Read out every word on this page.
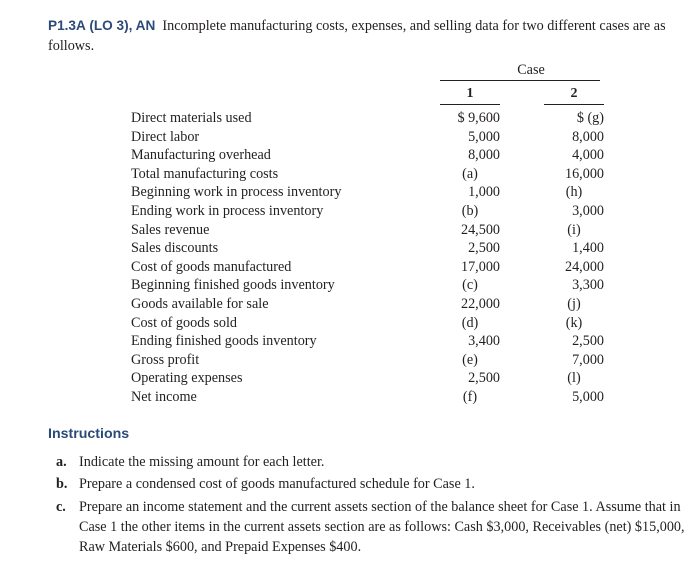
P1.3A (LO 3), AN Incomplete manufacturing costs, expenses, and selling data for two different cases are as follows.
Case
1	2
Direct materials used	$ 9,600	$ (g)
Direct labor	5,000	8,000
Manufacturing overhead	8,000	4,000
Total manufacturing costs	(a)	16,000
Beginning work in process inventory	1,000	(h)
Ending work in process inventory	(b)	3,000
Sales revenue	24,500	(i)
Sales discounts	2,500	1,400
Cost of goods manufactured	17,000	24,000
Beginning finished goods inventory	(c)	3,300
Goods available for sale	22,000	(j)
Cost of goods sold	(d)	(k)
Ending finished goods inventory	3,400	2,500
Gross profit	(e)	7,000
Operating expenses	2,500	(l)
Net income	(f)	5,000
Instructions
a. Indicate the missing amount for each letter.
b. Prepare a condensed cost of goods manufactured schedule for Case 1.
c. Prepare an income statement and the current assets section of the balance sheet for Case 1. Assume that in Case 1 the other items in the current assets section are as follows: Cash $3,000, Receivables (net) $15,000, Raw Materials $600, and Prepaid Expenses $400.
